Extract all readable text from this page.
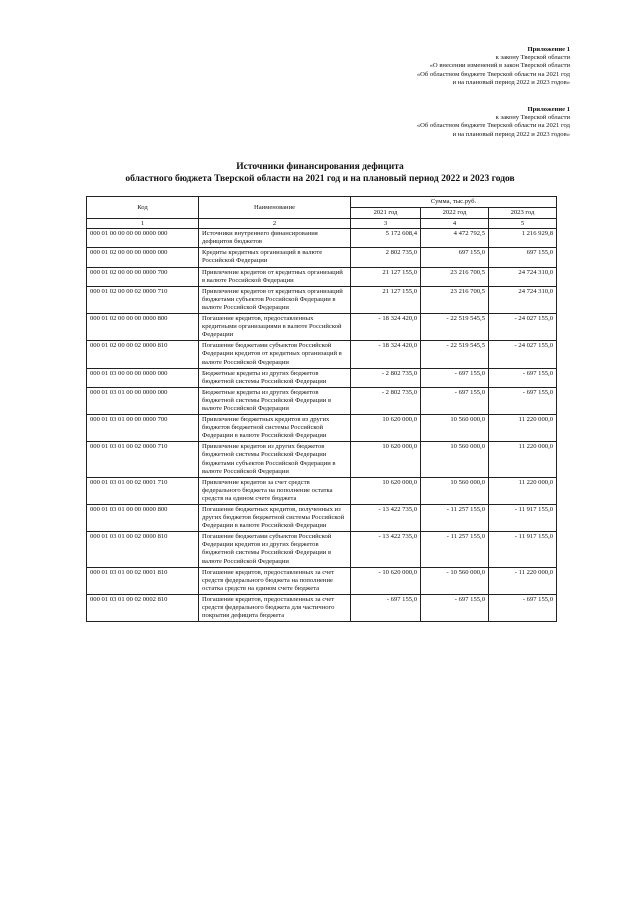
Приложение 1
к закону Тверской области
«О внесении изменений в закон Тверской области
«Об областном бюджете Тверской области на 2021 год
и на плановый период 2022 и 2023 годов»
Приложение 1
к закону Тверской области
«Об областном бюджете Тверской области на 2021 год
и на плановый период 2022 и 2023 годов»
Источники финансирования дефицита
областного бюджета Тверской области на 2021 год и на плановый период 2022 и 2023 годов
Код	Наименование	Сумма, тыс.руб.		
		2021 год	2022 год	2023 год
1	2	3	4	5
000 01 00 00 00 00 0000 000	Источники внутреннего финансирования дефицитов бюджетов	5 172 608,4	4 472 792,5	1 216 929,8
000 01 02 00 00 00 0000 000	Кредиты кредитных организаций в валюте Российской Федерации	2 802 735,0	697 155,0	697 155,0
000 01 02 00 00 00 0000 700	Привлечение кредитов от кредитных организаций в валюте Российской Федерации	21 127 155,0	23 216 700,5	24 724 310,0
000 01 02 00 00 02 0000 710	Привлечение кредитов от кредитных организаций бюджетами субъектов Российской Федерации в валюте Российской Федерации	21 127 155,0	23 216 700,5	24 724 310,0
000 01 02 00 00 00 0000 800	Погашение кредитов, предоставленных кредитными организациями в валюте Российской Федерации	- 18 324 420,0	- 22 519 545,5	- 24 027 155,0
000 01 02 00 00 02 0000 810	Погашение бюджетами субъектов Российской Федерации кредитов от кредитных организаций в валюте Российской Федерации	- 18 324 420,0	- 22 519 545,5	- 24 027 155,0
000 01 03 00 00 00 0000 000	Бюджетные кредиты из других бюджетов бюджетной системы Российской Федерации	- 2 802 735,0	- 697 155,0	- 697 155,0
000 01 03 01 00 00 0000 000	Бюджетные кредиты из других бюджетов бюджетной системы Российской Федерации в валюте Российской Федерации	- 2 802 735,0	- 697 155,0	- 697 155,0
000 01 03 01 00 00 0000 700	Привлечение бюджетных кредитов из других бюджетов бюджетной системы Российской Федерации в валюте Российской Федерации	10 620 000,0	10 560 000,0	11 220 000,0
000 01 03 01 00 02 0000 710	Привлечение кредитов из других бюджетов бюджетной системы Российской Федерации бюджетами субъектов Российской Федерации в валюте Российской Федерации	10 620 000,0	10 560 000,0	11 220 000,0
000 01 03 01 00 02 0001 710	Привлечение кредитов за счет средств федерального бюджета на пополнение остатка средств на едином счете бюджета	10 620 000,0	10 560 000,0	11 220 000,0
000 01 03 01 00 00 0000 800	Погашение бюджетных кредитов, полученных из других бюджетов бюджетной системы Российской Федерации в валюте Российской Федерации	- 13 422 735,0	- 11 257 155,0	- 11 917 155,0
000 01 03 01 00 02 0000 810	Погашение бюджетами субъектов Российской Федерации кредитов из других бюджетов бюджетной системы Российской Федерации в валюте Российской Федерации	- 13 422 735,0	- 11 257 155,0	- 11 917 155,0
000 01 03 01 00 02 0001 810	Погашение кредитов, предоставленных за счет средств федерального бюджета на пополнение остатка средств на едином счете бюджета	- 10 620 000,0	- 10 560 000,0	- 11 220 000,0
000 01 03 01 00 02 0002 810	Погашение кредитов, предоставленных за счет средств федерального бюджета для частичного покрытия дефицита бюджета	- 697 155,0	- 697 155,0	- 697 155,0
